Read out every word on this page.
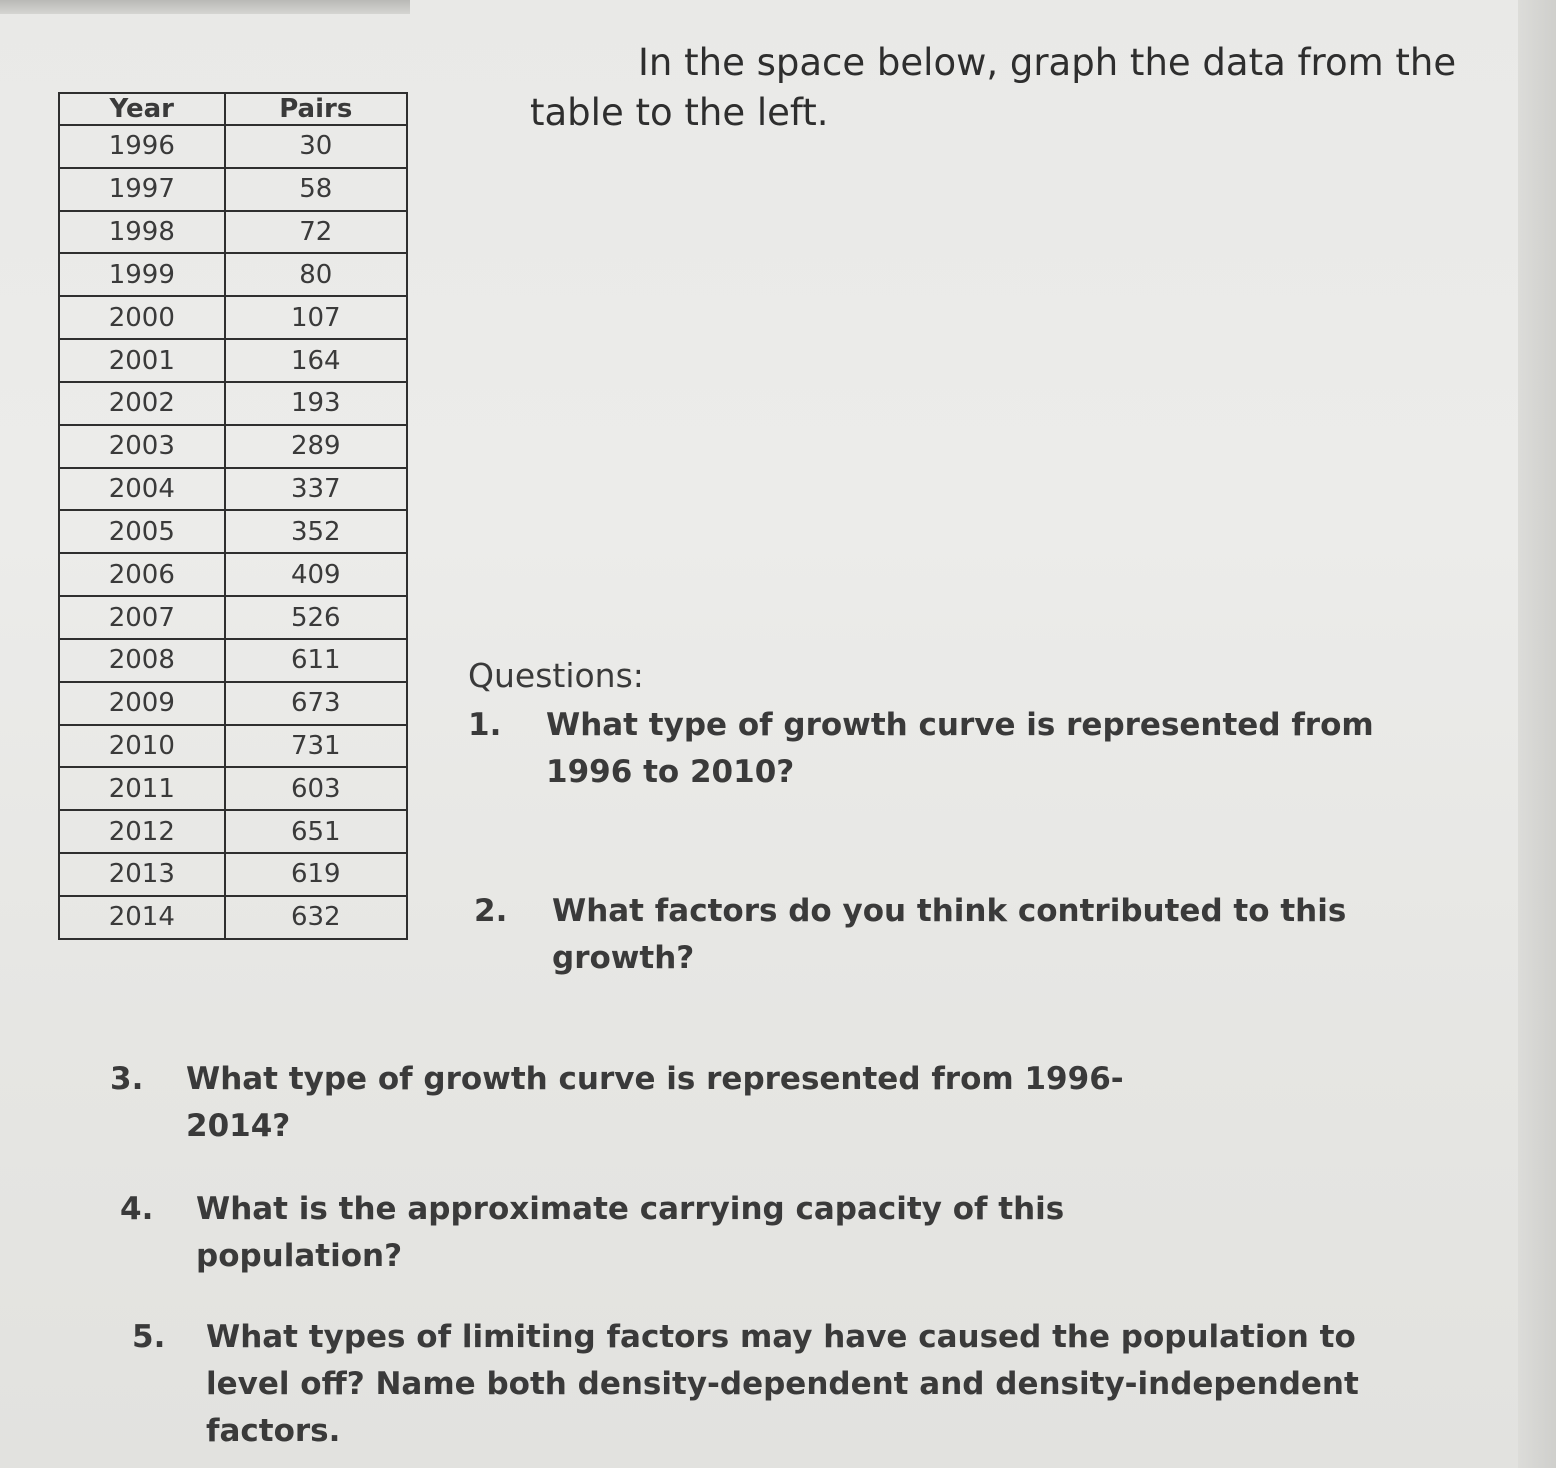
Year	Pairs
1996	30
1997	58
1998	72
1999	80
2000	107
2001	164
2002	193
2003	289
2004	337
2005	352
2006	409
2007	526
2008	611
2009	673
2010	731
2011	603
2012	651
2013	619
2014	632
In the space below, graph the data from the table to the left.
Questions:
1. What type of growth curve is represented from 1996 to 2010?
2. What factors do you think contributed to this growth?
3. What type of growth curve is represented from 1996-2014?
4. What is the approximate carrying capacity of this population?
5. What types of limiting factors may have caused the population to level off? Name both density-dependent and density-independent factors.
